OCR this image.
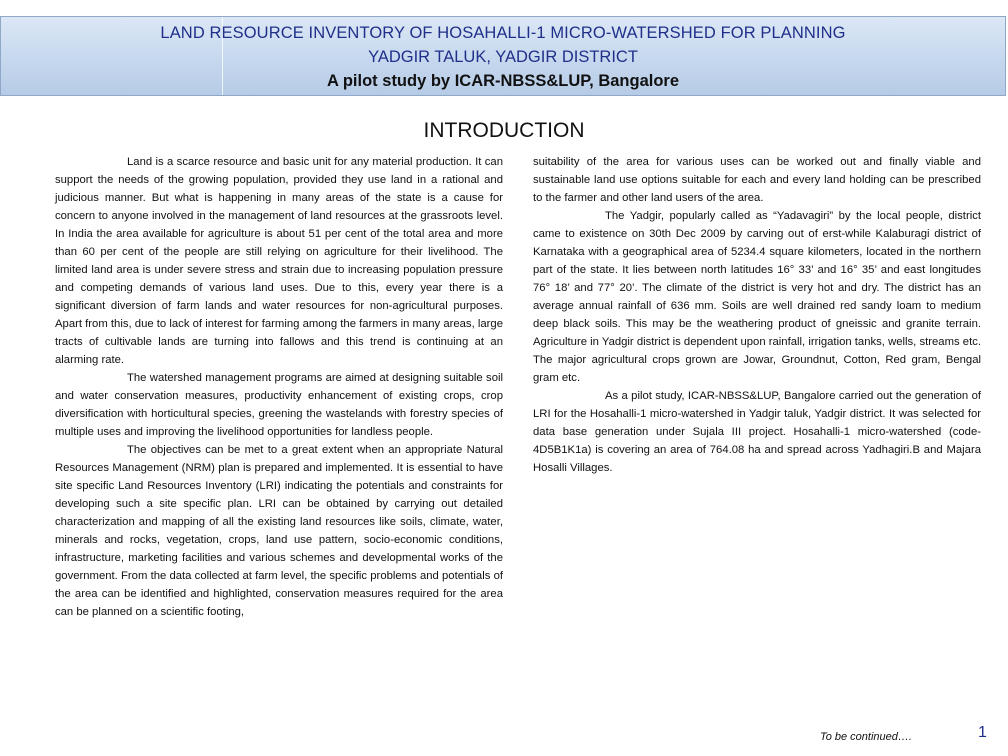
LAND RESOURCE INVENTORY OF HOSAHALLI-1 MICRO-WATERSHED FOR PLANNING
YADGIR TALUK, YADGIR DISTRICT
A pilot study by ICAR-NBSS&LUP, Bangalore
INTRODUCTION

Land is a scarce resource and basic unit for any material production. It can support the needs of the growing population, provided they use land in a rational and judicious manner. But what is happening in many areas of the state is a cause for concern to anyone involved in the management of land resources at the grassroots level. In India the area available for agriculture is about 51 per cent of the total area and more than 60 per cent of the people are still relying on agriculture for their livelihood. The limited land area is under severe stress and strain due to increasing population pressure and competing demands of various land uses. Due to this, every year there is a significant diversion of farm lands and water resources for non-agricultural purposes. Apart from this, due to lack of interest for farming among the farmers in many areas, large tracts of cultivable lands are turning into fallows and this trend is continuing at an alarming rate.

The watershed management programs are aimed at designing suitable soil and water conservation measures, productivity enhancement of existing crops, crop diversification with horticultural species, greening the wastelands with forestry species of multiple uses and improving the livelihood opportunities for landless people.

The objectives can be met to a great extent when an appropriate Natural Resources Management (NRM) plan is prepared and implemented. It is essential to have site specific Land Resources Inventory (LRI) indicating the potentials and constraints for developing such a site specific plan. LRI can be obtained by carrying out detailed characterization and mapping of all the existing land resources like soils, climate, water, minerals and rocks, vegetation, crops, land use pattern, socio-economic conditions, infrastructure, marketing facilities and various schemes and developmental works of the government. From the data collected at farm level, the specific problems and potentials of the area can be identified and highlighted, conservation measures required for the area can be planned on a scientific footing,

suitability of the area for various uses can be worked out and finally viable and sustainable land use options suitable for each and every land holding can be prescribed to the farmer and other land users of the area.

The Yadgir, popularly called as “Yadavagiri” by the local people, district came to existence on 30th Dec 2009 by carving out of erst-while Kalaburagi district of Karnataka with a geographical area of 5234.4 square kilometers, located in the northern part of the state. It lies between north latitudes 16° 33’ and 16° 35’ and east longitudes 76° 18’ and 77° 20’. The climate of the district is very hot and dry. The district has an average annual rainfall of 636 mm. Soils are well drained red sandy loam to medium deep black soils. This may be the weathering product of gneissic and granite terrain. Agriculture in Yadgir district is dependent upon rainfall, irrigation tanks, wells, streams etc. The major agricultural crops grown are Jowar, Groundnut, Cotton, Red gram, Bengal gram etc.

As a pilot study, ICAR-NBSS&LUP, Bangalore carried out the generation of LRI for the Hosahalli-1 micro-watershed in Yadgir taluk, Yadgir district. It was selected for data base generation under Sujala III project. Hosahalli-1 micro-watershed (code- 4D5B1K1a) is covering an area of 764.08 ha and spread across Yadhagiri.B and Majara Hosalli Villages.

To be continued….	1
